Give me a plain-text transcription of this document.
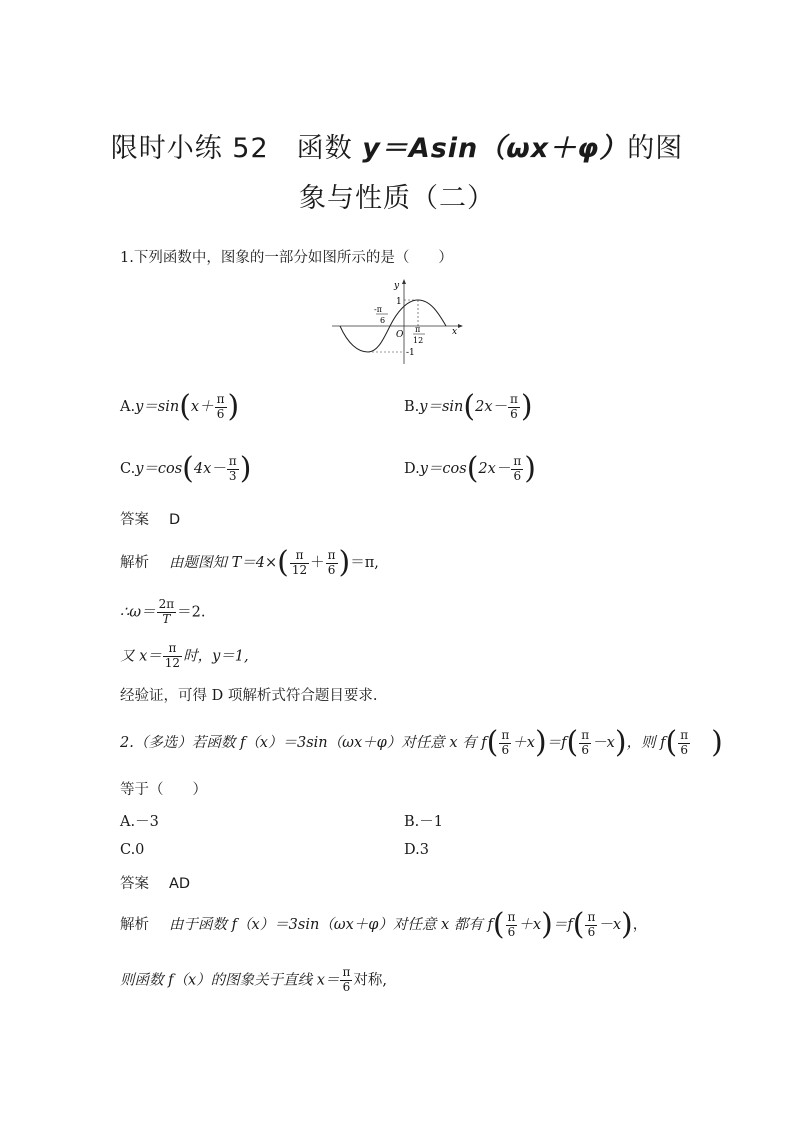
限时小练 52　函数 y＝Asin（ωx＋φ）的图
象与性质（二）
1.下列函数中，图象的一部分如图所示的是（　　）
y
x
1
-1
O
π
12
-π
6
$A.y=\sin(x+ \frac{\pi}{6}$ )	$B.y=\sin(2x- \frac{\pi}{6}$ )
$C.y=\cos(4x- \frac{\pi}{3}$ )	$D.y=\cos(2x- \frac{\pi}{6}$ )
答案 D
解析 由题图知 $T=4\times( \frac{\pi}{12} + \frac{\pi}{6} )=\pi$,
∴ω＝ $\frac{2\pi}{T} =2$.
又 $x= \frac{\pi}{12}$ 时，y＝1,
经验证，可得 D 项解析式符合题目要求.
2.（多选）若函数 f（x）＝3sin（ωx＋φ）对任意 x 有 $f( \frac{\pi}{6} +x)=f( \frac{\pi}{6} -x)$，则 $f( \frac{\pi}{6}$ )
等于（　　）
A.－3	B.－1
C.0	D.3
答案 AD
解析 由于函数 f（x）＝3sin（ωx＋φ）对任意 x 都有 $f( \frac{\pi}{6} +x)=f( \frac{\pi}{6} -x)$，
则函数 f（x）的图象关于直线 $x= \frac{\pi}{6}$ 对称,
